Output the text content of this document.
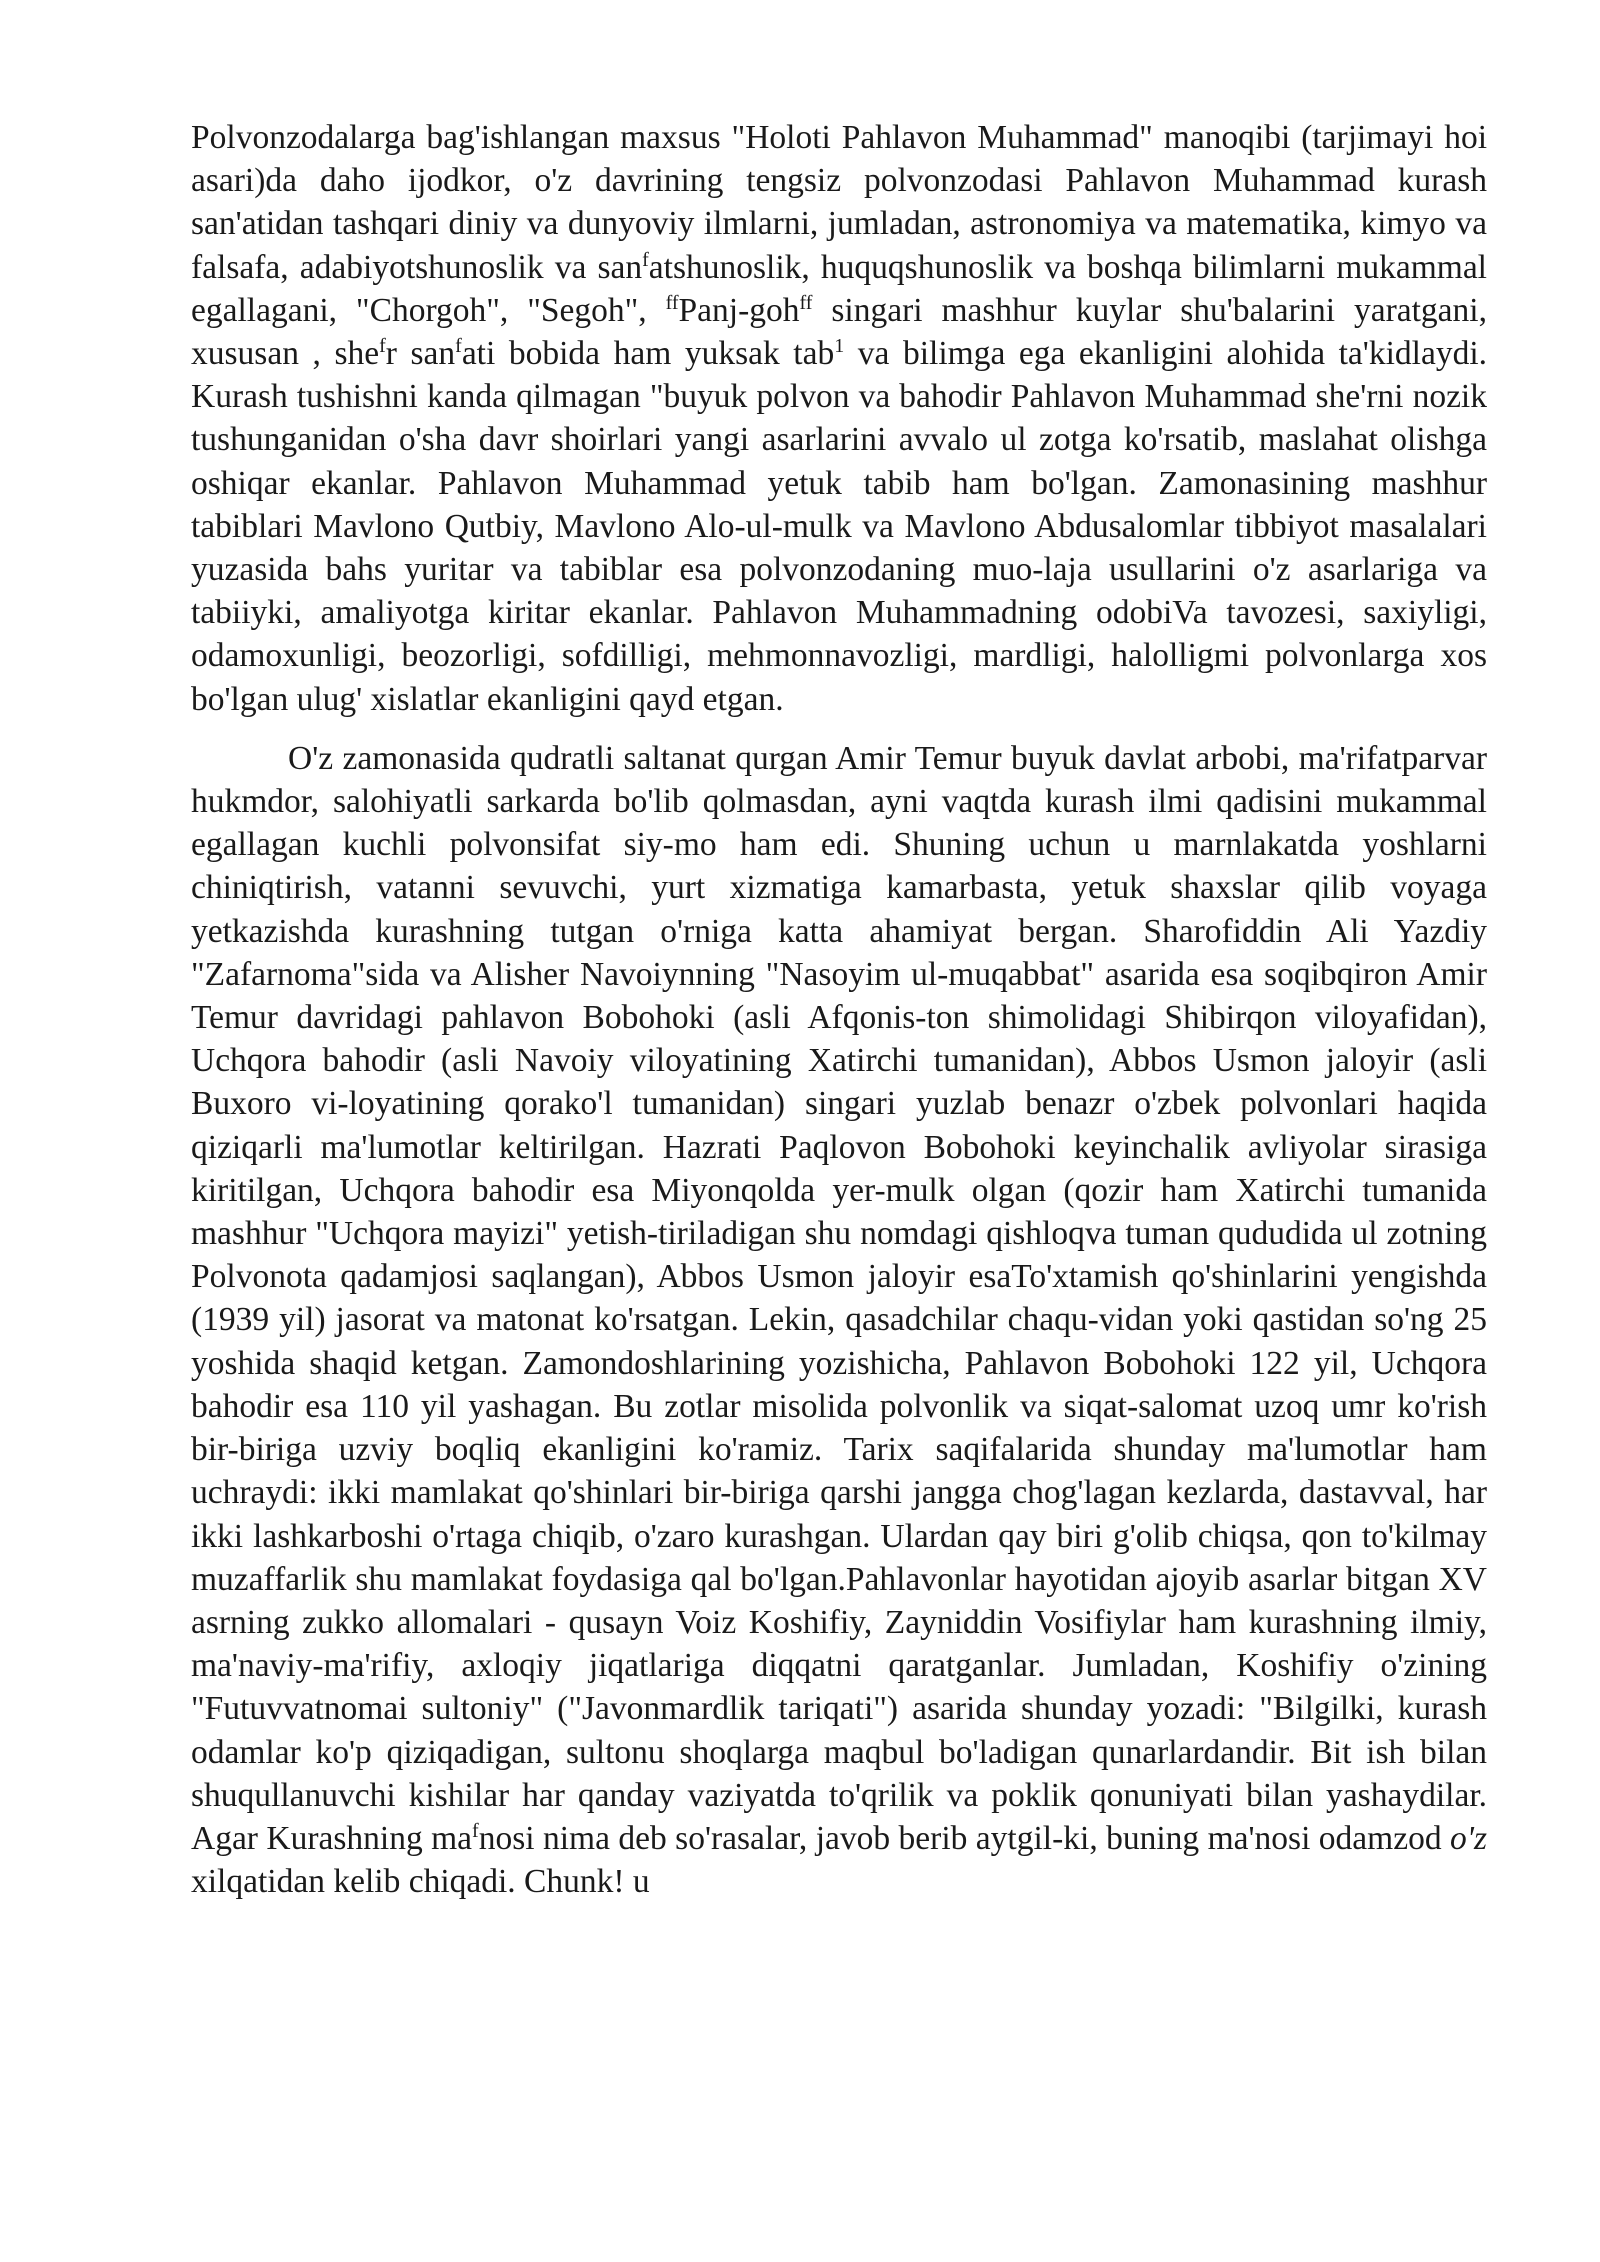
Polvonzodalarga bag'ishlangan maxsus "Holoti Pahlavon Muhammad" manoqibi (tarjimayi hoi asari)da daho ijodkor, o'z davrining tengsiz polvonzodasi Pahlavon Muhammad kurash san'atidan tashqari diniy va dunyoviy ilmlarni, jumladan, astronomiya va matematika, kimyo va falsafa, adabiyotshunoslik va san$^f$atshunoslik, huquqshunoslik va boshqa bilimlarni mukammal egallagani, "Chorgoh", "Segoh", $^{ff}$Panj-goh$^{ff}$ singari mashhur kuylar shu'balarini yaratgani, xususan , she$^f$r san$^f$ati bobida ham yuksak tab$^1$ va bilimga ega ekanligini alohida ta'kidlaydi. Kurash tushishni kanda qilmagan "buyuk polvon va bahodir Pahlavon Muhammad she'rni nozik tushunganidan o'sha davr shoirlari yangi asarlarini avvalo ul zotga ko'rsatib, maslahat olishga oshiqar ekanlar. Pahlavon Muhammad yetuk tabib ham bo'lgan. Zamonasining mashhur tabiblari Mavlono Qutbiy, Mavlono Alo-ul-mulk va Mavlono Abdusalomlar tibbiyot masalalari yuzasida bahs yuritar va tabiblar esa polvonzodaning muo-laja usullarini o'z asarlariga va tabiiyki, amaliyotga kiritar ekanlar. Pahlavon Muhammadning odobiVa tavozesi, saxiyligi, odamoxunligi, beozorligi, sofdilligi, mehmonnavozligi, mardligi, halolligmi polvonlarga xos bo'lgan ulug' xislatlar ekanligini qayd etgan.

O'z zamonasida qudratli saltanat qurgan Amir Temur buyuk davlat arbobi, ma'rifatparvar hukmdor, salohiyatli sarkarda bo'lib qolmasdan, ayni vaqtda kurash ilmi qadisini mukammal egallagan kuchli polvonsifat siy-mo ham edi. Shuning uchun u marnlakatda yoshlarni chiniqtirish, vatanni sevuvchi, yurt xizmatiga kamarbasta, yetuk shaxslar qilib voyaga yetkazishda kurashning tutgan o'rniga katta ahamiyat bergan. Sharofiddin Ali Yazdiy "Zafarnoma"sida va Alisher Navoiynning "Nasoyim ul-muqabbat" asarida esa soqibqiron Amir Temur davridagi pahlavon Bobohoki (asli Afqonis-ton shimolidagi Shibirqon viloyafidan), Uchqora bahodir (asli Navoiy viloyatining Xatirchi tumanidan), Abbos Usmon jaloyir (asli Buxoro vi-loyatining qorako'l tumanidan) singari yuzlab benazr o'zbek polvonlari haqida qiziqarli ma'lumotlar keltirilgan. Hazrati Paqlovon Bobohoki keyinchalik avliyolar sirasiga kiritilgan, Uchqora bahodir esa Miyonqolda yer-mulk olgan (qozir ham Xatirchi tumanida mashhur "Uchqora mayizi" yetish-tiriladigan shu nomdagi qishloqva tuman qududida ul zotning Polvonota qadamjosi saqlangan), Abbos Usmon jaloyir esaTo'xtamish qo'shinlarini yengishda (1939 yil) jasorat va matonat ko'rsatgan. Lekin, qasadchilar chaqu-vidan yoki qastidan so'ng 25 yoshida shaqid ketgan. Zamondoshlarining yozishicha, Pahlavon Bobohoki 122 yil, Uchqora bahodir esa 110 yil yashagan. Bu zotlar misolida polvonlik va siqat-salomat uzoq umr ko'rish bir-biriga uzviy boqliq ekanligini ko'ramiz. Tarix saqifalarida shunday ma'lumotlar ham uchraydi: ikki mamlakat qo'shinlari bir-biriga qarshi jangga chog'lagan kezlarda, dastavval, har ikki lashkarboshi o'rtaga chiqib, o'zaro kurashgan. Ulardan qay biri g'olib chiqsa, qon to'kilmay muzaffarlik shu mamlakat foydasiga qal bo'lgan.Pahlavonlar hayotidan ajoyib asarlar bitgan XV asrning zukko allomalari - qusayn Voiz Koshifiy, Zayniddin Vosifiylar ham kurashning ilmiy, ma'naviy-ma'rifiy, axloqiy jiqatlariga diqqatni qaratganlar. Jumladan, Koshifiy o'zining "Futuvvatnomai sultoniy" ("Javonmardlik tariqati") asarida shunday yozadi: "Bilgilki, kurash odamlar ko'p qiziqadigan, sultonu shoqlarga maqbul bo'ladigan qunarlardandir. Bit ish bilan shuqullanuvchi kishilar har qanday vaziyatda to'qrilik va poklik qonuniyati bilan yashaydilar. Agar Kurashning $ma^fnosi$ nima deb so'rasalar, javob berib aytgil-ki, buning ma'nosi odamzod o'z xilqatidan kelib chiqadi. Chunk! u
